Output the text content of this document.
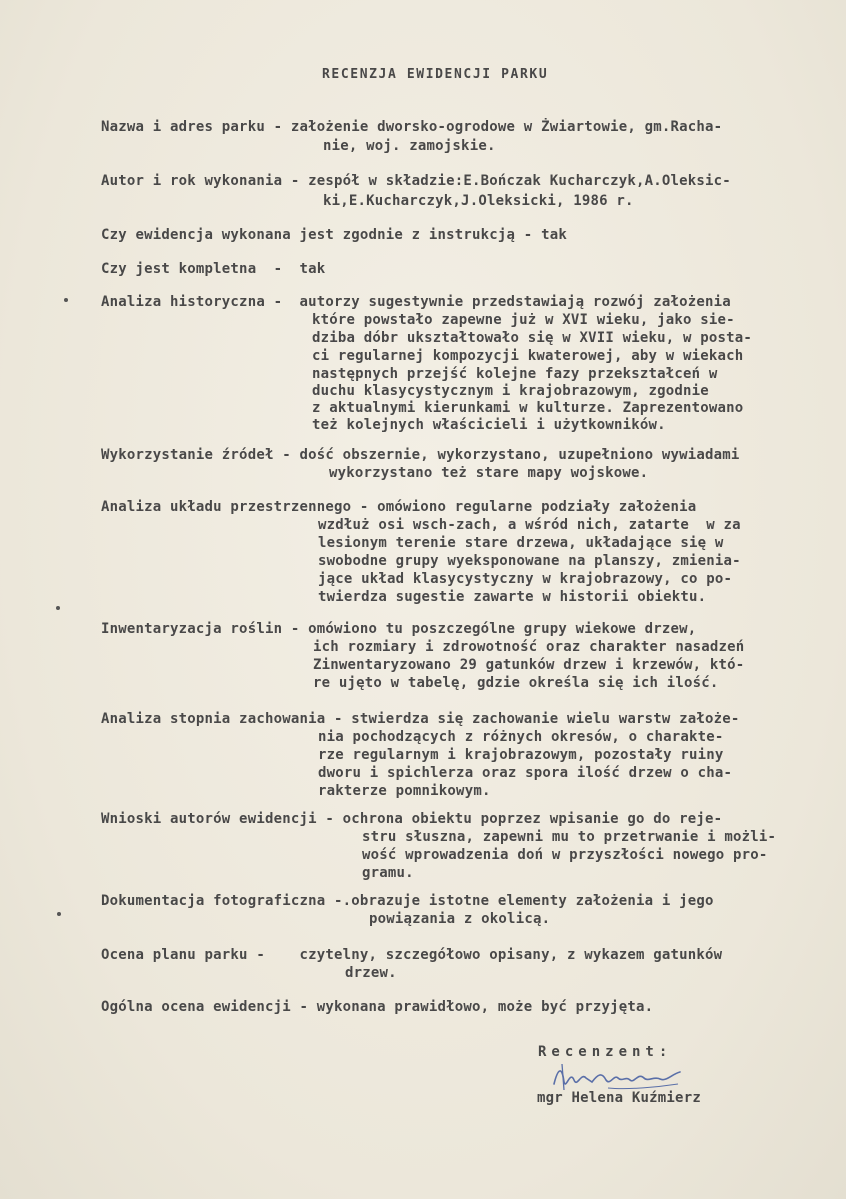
RECENZJA EWIDENCJI PARKU
Nazwa i adres parku - założenie dworsko-ogrodowe w Żwiartowie, gm.Racha-
nie, woj. zamojskie.
Autor i rok wykonania - zespół w składzie:E.Bończak Kucharczyk,A.Oleksic-
ki,E.Kucharczyk,J.Oleksicki, 1986 r.
Czy ewidencja wykonana jest zgodnie z instrukcją - tak
Czy jest kompletna  -  tak
Analiza historyczna -  autorzy sugestywnie przedstawiają rozwój założenia
które powstało zapewne już w XVI wieku, jako sie-
dziba dóbr ukształtowało się w XVII wieku, w posta-
ci regularnej kompozycji kwaterowej, aby w wiekach
następnych przejść kolejne fazy przekształceń w
duchu klasycystycznym i krajobrazowym, zgodnie
z aktualnymi kierunkami w kulturze. Zaprezentowano
też kolejnych właścicieli i użytkowników.
Wykorzystanie źródeł - dość obszernie, wykorzystano, uzupełniono wywiadami
wykorzystano też stare mapy wojskowe.
Analiza układu przestrzennego - omówiono regularne podziały założenia
wzdłuż osi wsch-zach, a wśród nich, zatarte  w za
lesionym terenie stare drzewa, układające się w
swobodne grupy wyeksponowane na planszy, zmienia-
jące układ klasycystyczny w krajobrazowy, co po-
twierdza sugestie zawarte w historii obiektu.
Inwentaryzacja roślin - omówiono tu poszczególne grupy wiekowe drzew,
ich rozmiary i zdrowotność oraz charakter nasadzeń
Zinwentaryzowano 29 gatunków drzew i krzewów, któ-
re ujęto w tabelę, gdzie określa się ich ilość.
Analiza stopnia zachowania - stwierdza się zachowanie wielu warstw założe-
nia pochodzących z różnych okresów, o charakte-
rze regularnym i krajobrazowym, pozostały ruiny
dworu i spichlerza oraz spora ilość drzew o cha-
rakterze pomnikowym.
Wnioski autorów ewidencji - ochrona obiektu poprzez wpisanie go do reje-
stru słuszna, zapewni mu to przetrwanie i możli-
wość wprowadzenia doń w przyszłości nowego pro-
gramu.
Dokumentacja fotograficzna -.obrazuje istotne elementy założenia i jego
powiązania z okolicą.
Ocena planu parku -    czytelny, szczegółowo opisany, z wykazem gatunków
drzew.
Ogólna ocena ewidencji - wykonana prawidłowo, może być przyjęta.
Recenzent:
mgr Helena Kuźmierz
